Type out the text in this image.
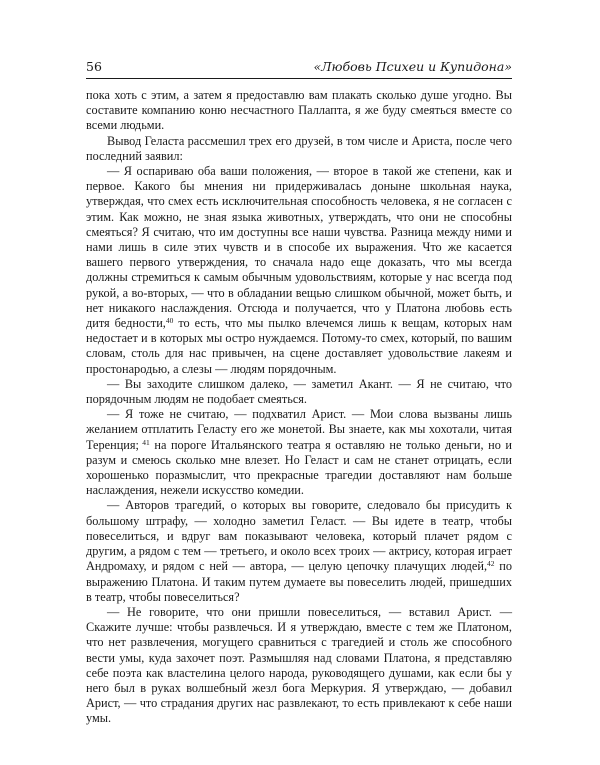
56	«Любовь Психеи и Купидона»

пока хоть с этим, а затем я предоставлю вам плакать сколько душе угодно. Вы составите компанию коню несчастного Паллапта, я же буду смеяться вместе со всеми людьми.

Вывод Геласта рассмешил трех его друзей, в том числе и Ариста, после чего последний заявил:

— Я оспариваю оба ваши положения, — второе в такой же степени, как и первое. Какого бы мнения ни придерживалась доныне школьная наука, утверждая, что смех есть исключительная способность человека, я не согласен с этим. Как можно, не зная языка животных, утверждать, что они не способны смеяться? Я считаю, что им доступны все наши чувства. Разница между ними и нами лишь в силе этих чувств и в способе их выражения. Что же касается вашего первого утверждения, то сначала надо еще доказать, что мы всегда должны стремиться к самым обычным удовольствиям, которые у нас всегда под рукой, а во-вторых, — что в обладании вещью слишком обычной, может быть, и нет никакого наслаждения. Отсюда и получается, что у Платона любовь есть дитя бедности,$^{40}$ то есть, что мы пылко влечемся лишь к вещам, которых нам недостает и в которых мы остро нуждаемся. Потому-то смех, который, по вашим словам, столь для нас привычен, на сцене доставляет удовольствие лакеям и простонародью, а слезы — людям порядочным.

— Вы заходите слишком далеко, — заметил Акант. — Я не считаю, что порядочным людям не подобает смеяться.

— Я тоже не считаю, — подхватил Арист. — Мои слова вызваны лишь желанием отплатить Геласту его же монетой. Вы знаете, как мы хохотали, читая Теренция; $^{41}$ на пороге Итальянского театра я оставляю не только деньги, но и разум и смеюсь сколько мне влезет. Но Гелаcт и сам не станет отрицать, если хорошенько поразмыслит, что прекрасные трагедии доставляют нам больше наслаждения, нежели искусство комедии.

— Авторов трагедий, о которых вы говорите, следовало бы присудить к большому штрафу, — холодно заметил Гелаcт. — Вы идете в театр, чтобы повеселиться, и вдруг вам показывают человека, который плачет рядом с другим, а рядом с тем — третьего, и около всех троих — актрису, которая играет Андромаху, и рядом с ней — автора, — целую цепочку плачущих людей,$^{42}$ по выражению Платона. И таким путем думаете вы повеселить людей, пришедших в театр, чтобы повеселиться?

— Не говорите, что они пришли повеселиться, — вставил Арист. — Скажите лучше: чтобы развлечься. И я утверждаю, вместе с тем же Платоном, что нет развлечения, могущего сравниться с трагедией и столь же способного вести умы, куда захочет поэт. Размышляя над словами Платона, я представляю себе поэта как властелина целого народа, руководящего душами, как если бы у него был в руках волшебный жезл бога Меркурия. Я утверждаю, — добавил Арист, — что страдания других нас развлекают, то есть привлекают к себе наши умы.
